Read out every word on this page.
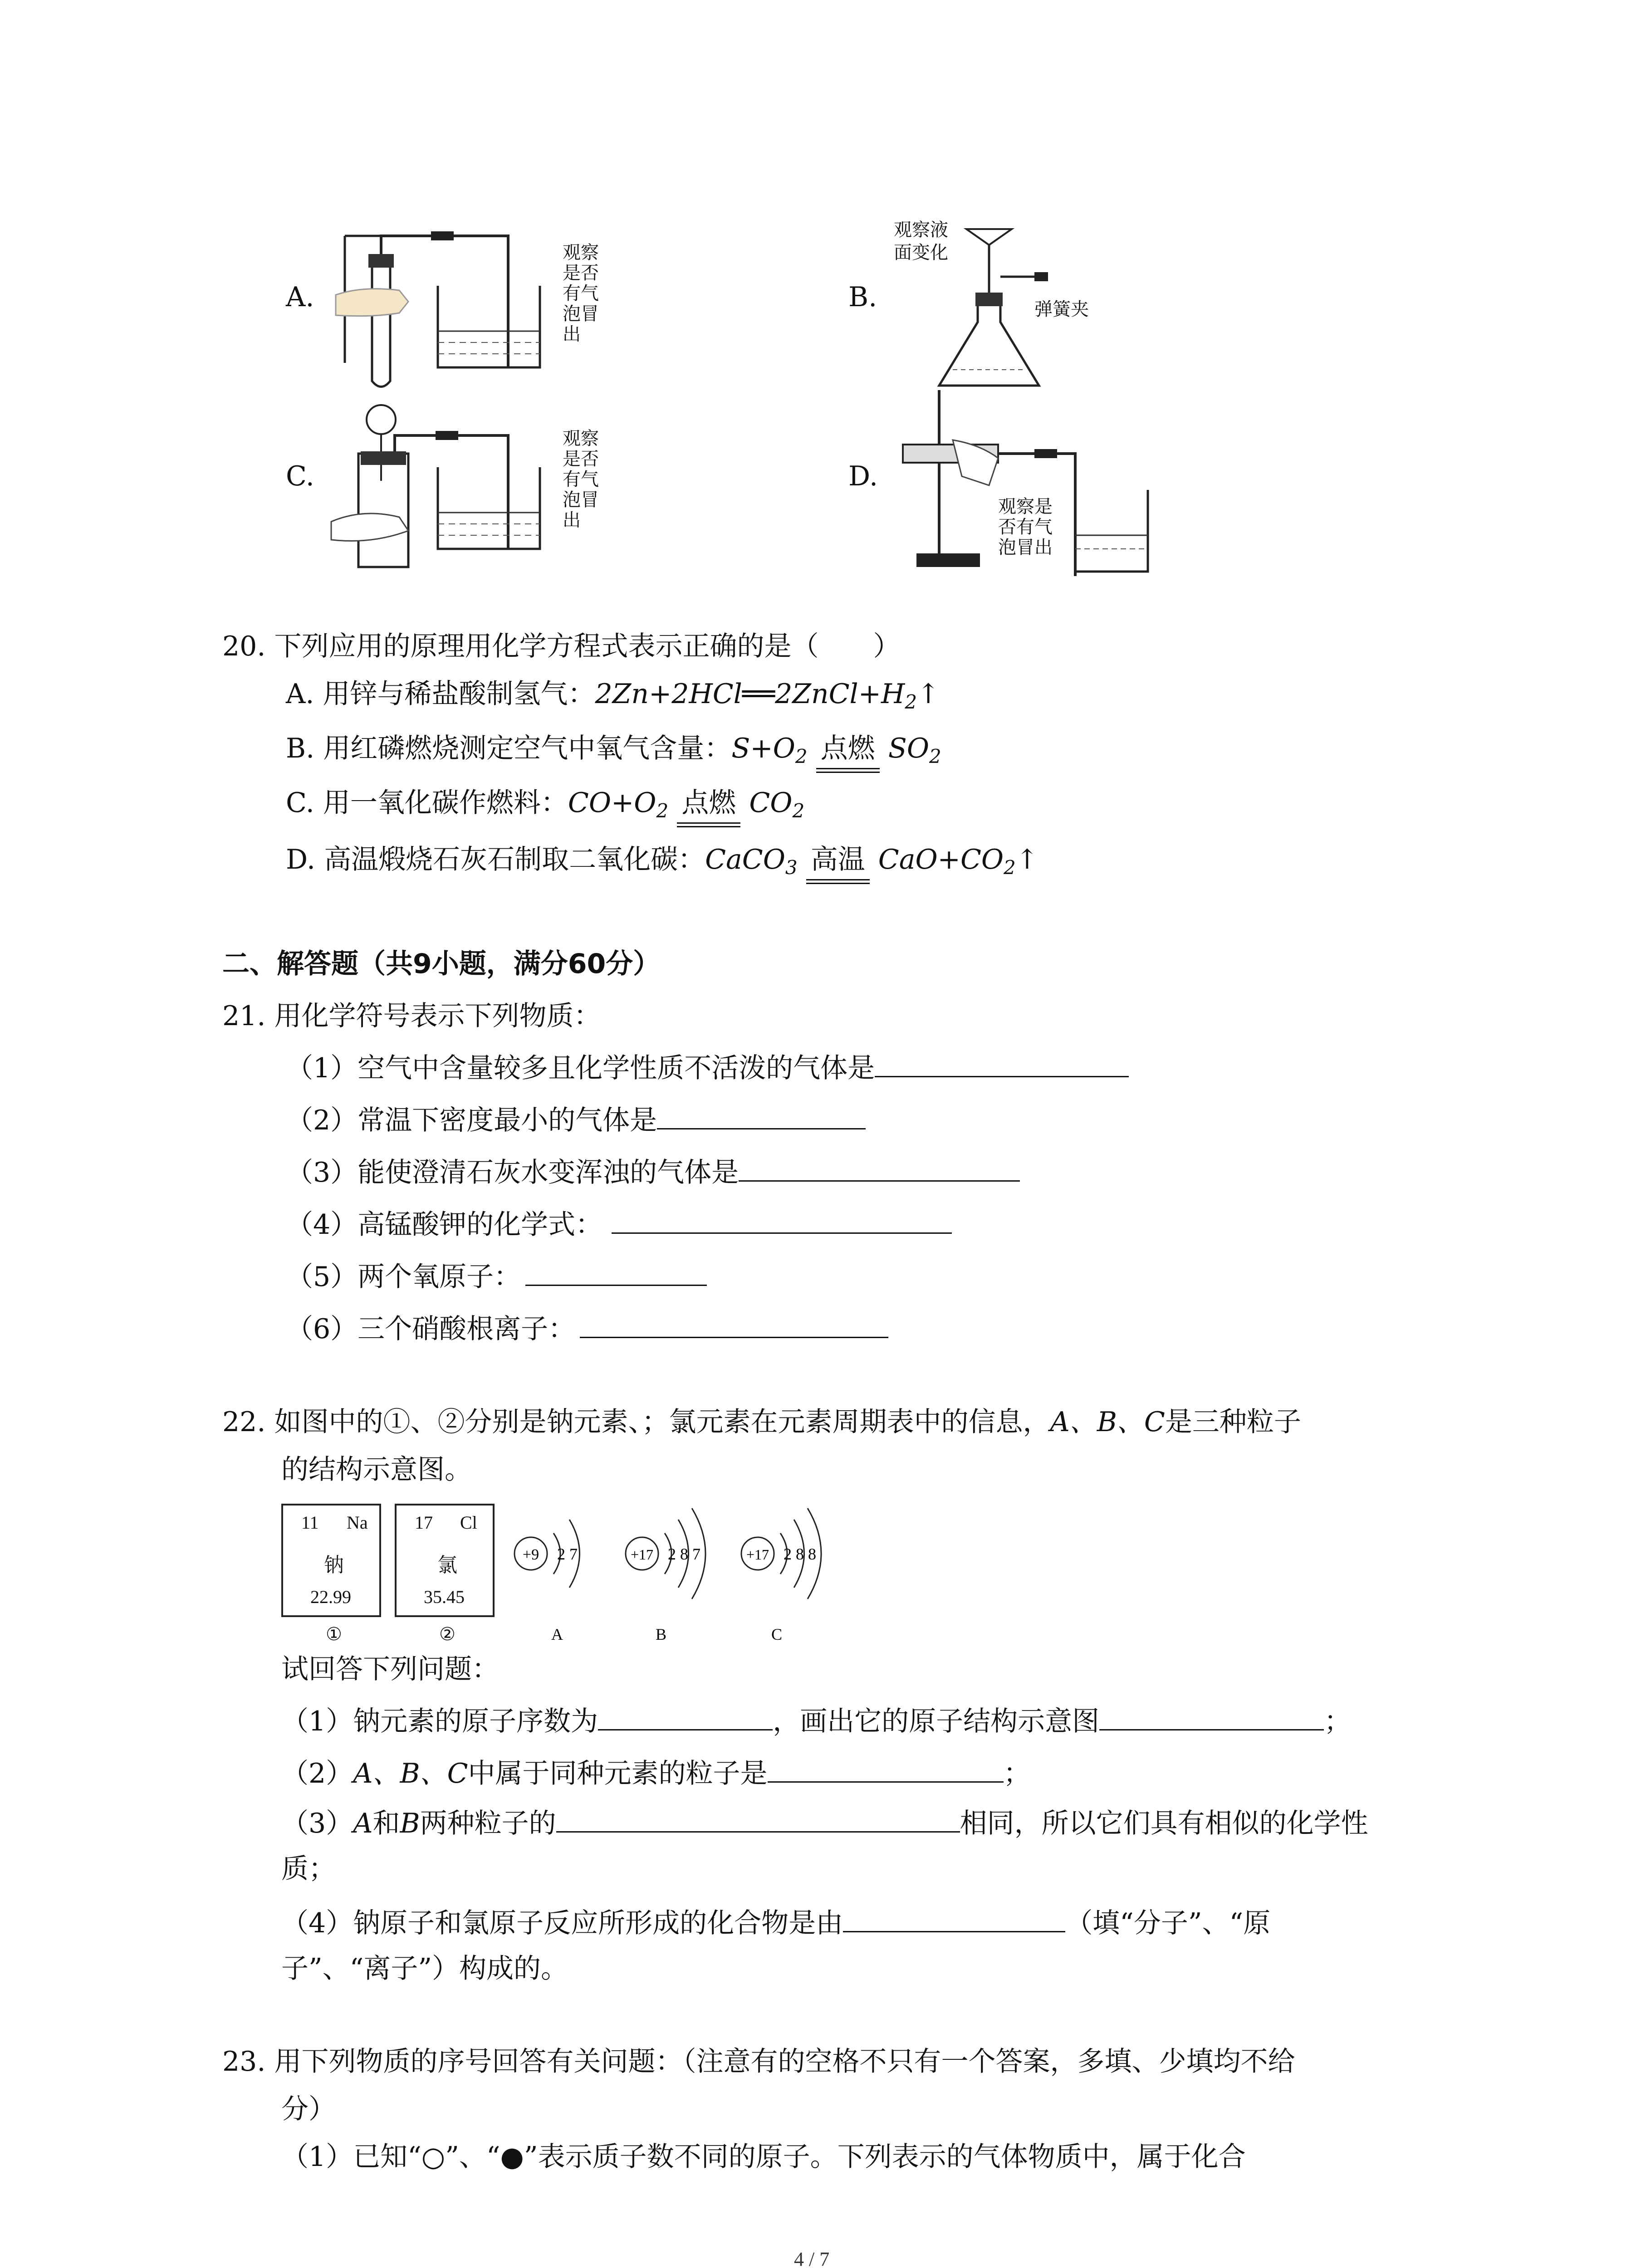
A.	B.
C.	D.
观察
是否
有气
泡冒
出
观察液
面变化
弹簧夹
观察
是否
有气
泡冒
出
观察是
否有气
泡冒出
20. 下列应用的原理用化学方程式表示正确的是（　　）
A. 用锌与稀盐酸制氢气：$2Zn+2HCl══2ZnCl+H_2↑$
B. 用红磷燃烧测定空气中氧气含量：$S+O_2$ 点燃 $SO_2$
C. 用一氧化碳作燃料：$CO+O_2$ 点燃 $CO_2$
D. 高温煅烧石灰石制取二氧化碳：CaCO$_3$ 高温 $CaO+CO_2↑$
二、解答题（共9小题，满分60分）
21. 用化学符号表示下列物质：
（1）空气中含量较多且化学性质不活泼的气体是
（2）常温下密度最小的气体是
（3）能使澄清石灰水变浑浊的气体是
（4）高锰酸钾的化学式：
（5）两个氧原子：
（6）三个硝酸根离子：
22. 如图中的①、②分别是钠元素、；氯元素在元素周期表中的信息，A、B、C是三种粒子
的结构示意图。
11 Na
钠
22.99
①
17 Cl
氯
35.45
②
+9 2 7
A
+17 2 8 7
B
+17 2 8 8
C
试回答下列问题：
（1）钠元素的原子序数为	，画出它的原子结构示意图	；
（2）A、B、C中属于同种元素的粒子是	；
（3）A和B两种粒子的	相同，所以它们具有相似的化学性
质；
（4）钠原子和氯原子反应所形成的化合物是由	（填“分子”、“原
子”、“离子”）构成的。
23. 用下列物质的序号回答有关问题：（注意有的空格不只有一个答案，多填、少填均不给
分）
（1）已知“○”、“●”表示质子数不同的原子。下列表示的气体物质中，属于化合
4 / 7
